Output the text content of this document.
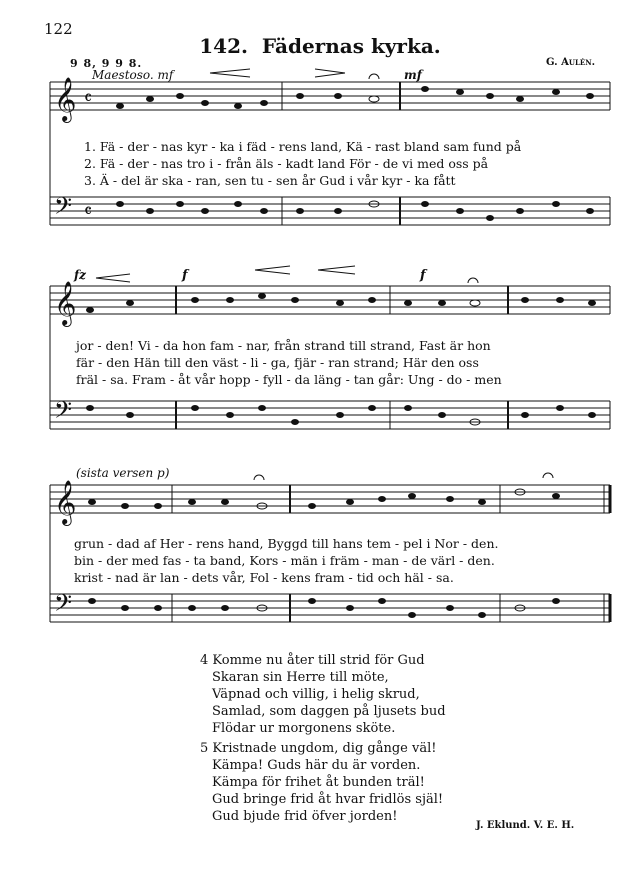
122
142. Fädernas kyrka.
9 8, 9 9 8.	G. Aulén.
Maestoso. mf	mf
fz	f	f
(sista versen p)
𝄞
𝄢
𝄴
𝄴
𝄞
𝄢
𝄞
𝄢
1. Fä - der - nas kyr - ka i fäd - rens land, Kä - rast bland sam fund på
2. Fä - der - nas tro i - från äls - kadt land För - de vi med oss på
3. Ä - del är ska - ran, sen tu - sen år Gud i vår kyr - ka fått
jor - den! Vi - da hon fam - nar, från strand till strand, Fast är hon
fär - den Hän till den väst - li - ga, fjär - ran strand; Här den oss
fräl - sa. Fram - åt vår hopp - fyll - da läng - tan går: Ung - do - men
grun - dad af Her - rens hand, Byggd till hans tem - pel i Nor - den.
bin - der med fas - ta band, Kors - män i främ - man - de värl - den.
krist - nad är lan - dets vår, Fol - kens fram - tid och häl - sa.
4 Komme nu åter till strid för Gud
Skaran sin Herre till möte,
Väpnad och villig, i helig skrud,
Samlad, som daggen på ljusets bud
Flödar ur morgonens sköte.
5 Kristnade ungdom, dig gånge väl!
Kämpa! Guds här du är vorden.
Kämpa för frihet åt bunden träl!
Gud bringe frid åt hvar fridlös själ!
Gud bjude frid öfver jorden!
J. Eklund. V. E. H.
